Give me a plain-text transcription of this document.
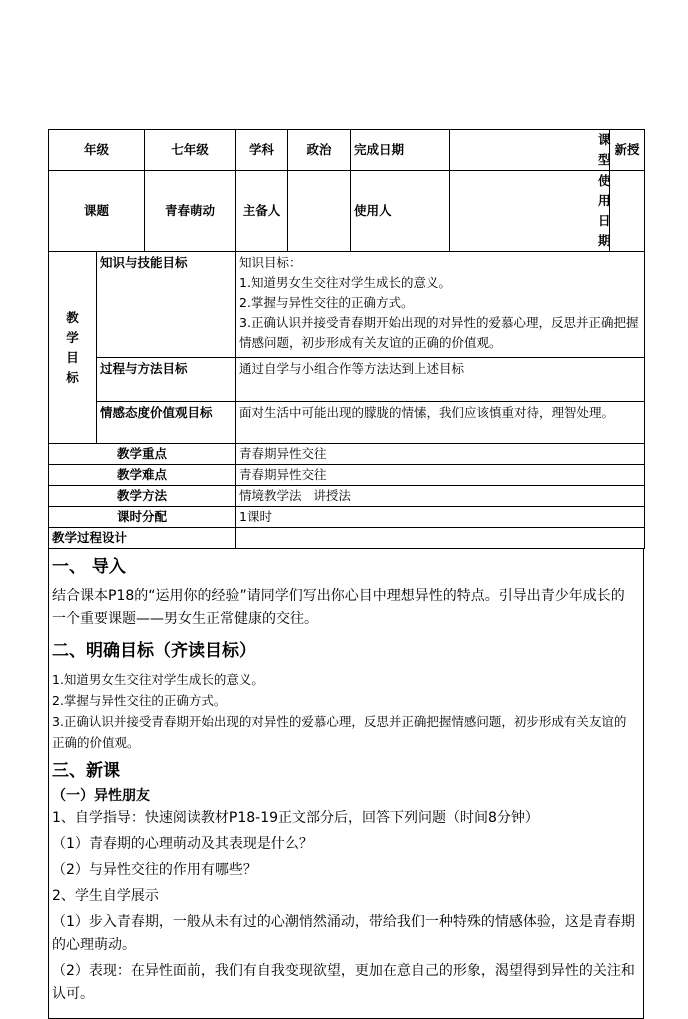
年级		七年级	学科	政治	完成日期	课型	新授
课题		青春萌动	主备人		使用人	使用日期	
教学目标	知识与技能目标		知识目标：
1.知道男女生交往对学生成长的意义。
2.掌握与异性交往的正确方式。
3.正确认识并接受青春期开始出现的对异性的爱慕心理，反思并正确把握情感问题，初步形成有关友谊的正确的价值观。				

	过程与方法目标		通过自学与小组合作等方法达到上述目标				
	情感态度价值观目标		面对生活中可能出现的朦胧的情愫，我们应该慎重对待，理智处理。				
教学重点			青春期异性交往				
教学难点			青春期异性交往				
教学方法			情境教学法   讲授法				
课时分配			1课时				
教学过程设计							
一、 导入

结合课本P18的“运用你的经验”请同学们写出你心目中理想异性的特点。引导出青少年成长的一个重要课题——男女生正常健康的交往。

二、明确目标（齐读目标）

1.知道男女生交往对学生成长的意义。

2.掌握与异性交往的正确方式。

3.正确认识并接受青春期开始出现的对异性的爱慕心理，反思并正确把握情感问题，初步形成有关友谊的正确的价值观。

三、新课
（一）异性朋友

1、自学指导：快速阅读教材P18-19正文部分后，回答下列问题（时间8分钟）

（1）青春期的心理萌动及其表现是什么？

（2）与异性交往的作用有哪些？

2、学生自学展示

（1）步入青春期，一般从未有过的心潮悄然涌动，带给我们一种特殊的情感体验，这是青春期的心理萌动。

（2）表现：在异性面前，我们有自我变现欲望，更加在意自己的形象，渴望得到异性的关注和认可。
